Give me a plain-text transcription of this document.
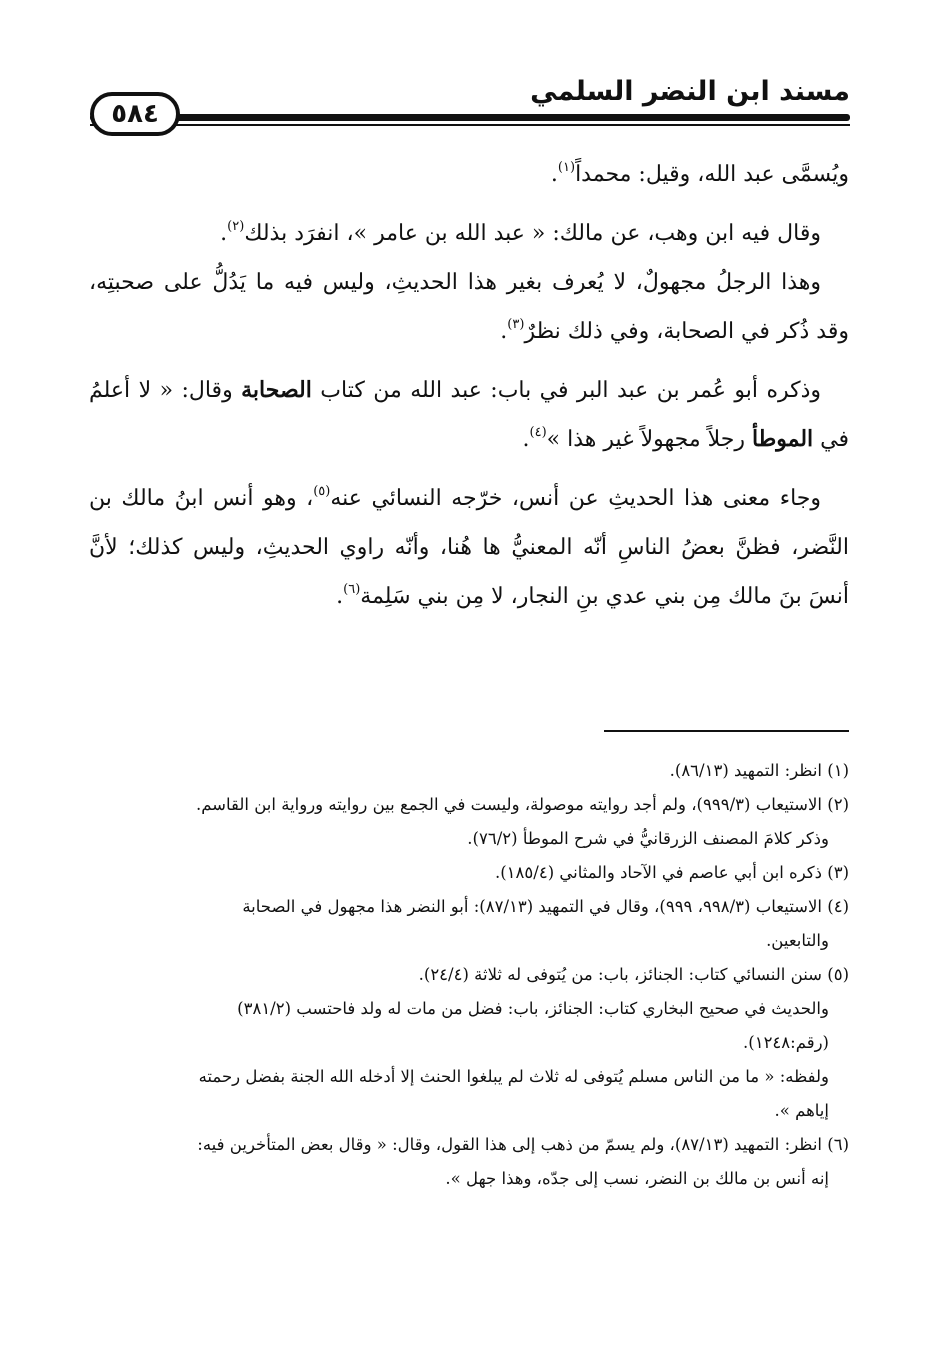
مسند ابن النضر السلمي
٥٨٤

ويُسمَّى عبد الله، وقيل: محمداً$^{(١)}$.

وقال فيه ابن وهب، عن مالك: « عبد الله بن عامر »، انفرَد بذلك$^{(٢)}$.

وهذا الرجلُ مجهولٌ، لا يُعرف بغير هذا الحديثِ، وليس فيه ما يَدُلُّ على صحبتِه، وقد ذُكر في الصحابة، وفي ذلك نظرٌ$^{(٣)}$.

وذكره أبو عُمر بن عبد البر في باب: عبد الله من كتاب الصحابة وقال: « لا أعلمُ في الموطأ رجلاً مجهولاً غير هذا »$^{(٤)}$.

وجاء معنى هذا الحديثِ عن أنس، خرّجه النسائي عنه$^{(٥)}$، وهو أنس ابنُ مالك بن النَّضر، فظنَّ بعضُ الناسِ أنّه المعنيُّ ها هُنا، وأنّه راوي الحديثِ، وليس كذلك؛ لأنَّ أنسَ بنَ مالك مِن بني عدي بنِ النجار، لا مِن بني سَلِمة$^{(٦)}$.

(١) انظر: التمهيد (٨٦/١٣).

(٢) الاستيعاب (٩٩٩/٣)، ولم أجد روايته موصولة، وليست في الجمع بين روايته ورواية ابن القاسم.

وذكر كلامَ المصنف الزرقانيُّ في شرح الموطأ (٧٦/٢).

(٣) ذكره ابن أبي عاصم في الآحاد والمثاني (١٨٥/٤).

(٤) الاستيعاب (٩٩٨/٣، ٩٩٩)، وقال في التمهيد (٨٧/١٣): أبو النضر هذا مجهول في الصحابة

والتابعين.

(٥) سنن النسائي كتاب: الجنائز، باب: من يُتوفى له ثلاثة (٢٤/٤).

والحديث في صحيح البخاري كتاب: الجنائز، باب: فضل من مات له ولد فاحتسب (٣٨١/٢)

(رقم:١٢٤٨).

ولفظه: « ما من الناس مسلم يُتوفى له ثلاث لم يبلغوا الحنث إلا أدخله الله الجنة بفضل رحمته

إياهم ».

(٦) انظر: التمهيد (٨٧/١٣)، ولم يسمّ من ذهب إلى هذا القول، وقال: « وقال بعض المتأخرين فيه:

إنه أنس بن مالك بن النضر، نسب إلى جدّه، وهذا جهل ».
